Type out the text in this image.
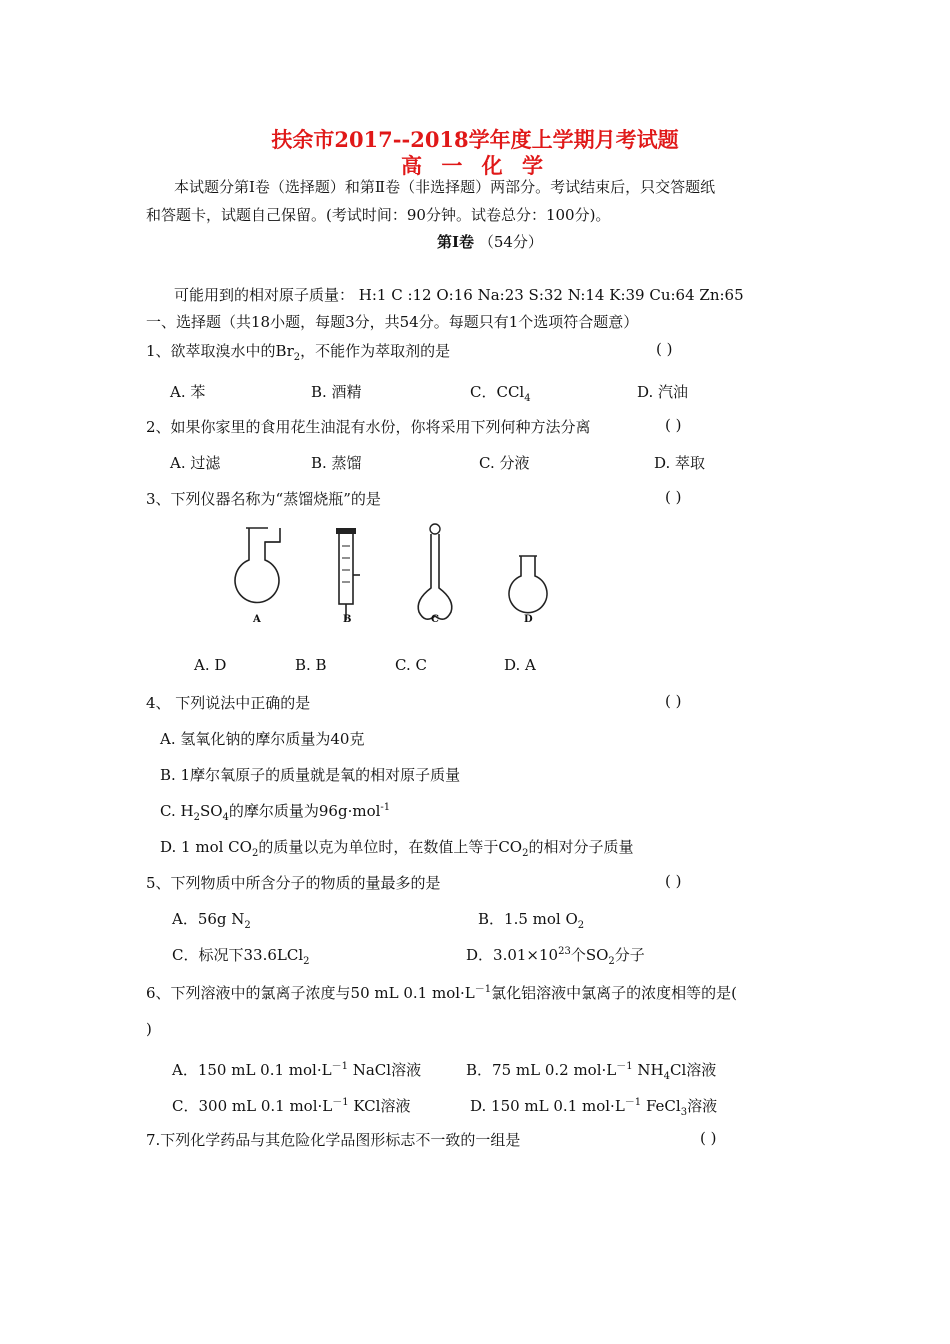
扶余市2017--2018学年度上学期月考试题
高 一 化 学
本试题分第Ⅰ卷（选择题）和第Ⅱ卷（非选择题）两部分。考试结束后，只交答题纸
和答题卡，试题自己保留。(考试时间：90分钟。试卷总分：100分)。
第Ⅰ卷 （54分）
可能用到的相对原子质量： H:1 C :12 O:16 Na:23 S:32 N:14 K:39 Cu:64 Zn:65
一、选择题（共18小题，每题3分，共54分。每题只有1个选项符合题意）
1、欲萃取溴水中的$Br_2$，不能作为萃取剂的是	( )
A. 苯	B. 酒精	C．CCl$_4$	D. 汽油
2、如果你家里的食用花生油混有水份，你将采用下列何种方法分离	( )
A. 过滤	B. 蒸馏	C. 分液	D. 萃取
3、下列仪器名称为“蒸馏烧瓶”的是	( )
A	B	C	D
A. D	B. B	C. C	D. A
4、 下列说法中正确的是	( )
A. 氢氧化钠的摩尔质量为40克
B. 1摩尔氧原子的质量就是氧的相对原子质量
C. $H_2SO_4$的摩尔质量为96g·mol$^{-1}$
D. 1 mol $CO_2$的质量以克为单位时，在数值上等于$CO_2$的相对分子质量
5、下列物质中所含分子的物质的量最多的是	( )
A．56g $N_2$	B．1.5 mol $O_2$
C．标况下33.6LCl$_2$	D．$3.01\times 10^{23}$个$SO_2$分子
6、下列溶液中的氯离子浓度与50 mL 0.1 $mol\cdot L^{-1}$氯化铝溶液中氯离子的浓度相等的是(
)
A．150 mL 0.1 $mol\cdot L^{-1}$ NaCl溶液	B．75 mL 0.2 $mol\cdot L^{-1}$ $NH_4Cl$溶液
C．300 mL 0.1 $mol\cdot L^{-1}$ KCl溶液	D. 150 mL 0.1 $mol\cdot L^{-1}$ FeCl$_3$溶液
7.下列化学药品与其危险化学品图形标志不一致的一组是	( )
